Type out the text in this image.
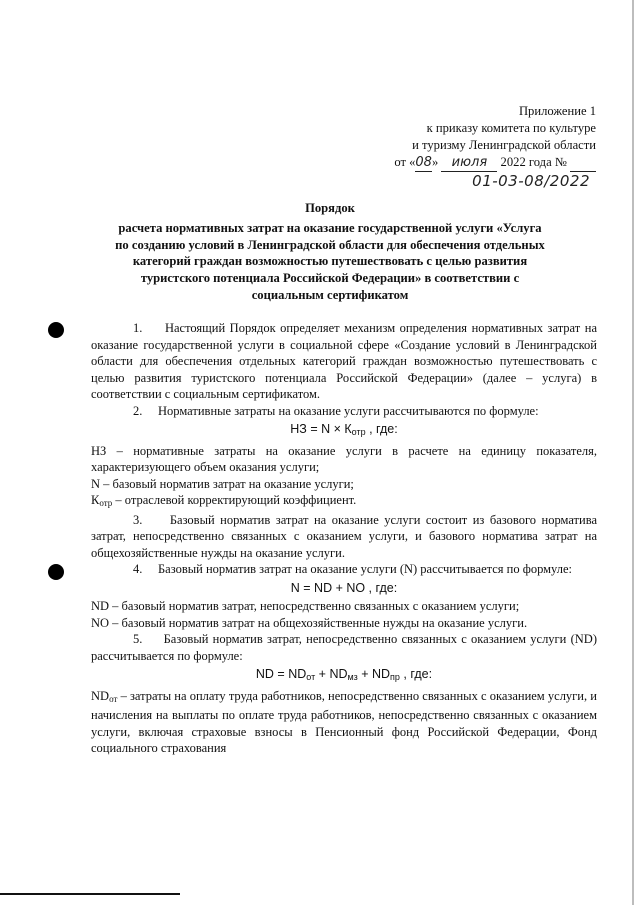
Приложение 1
к приказу комитета по культуре
и туризму Ленинградской области
от «08» июля 2022 года №
01-03-08/2022
Порядок
расчета нормативных затрат на оказание государственной услуги «Услуга
по созданию условий в Ленинградской области для обеспечения отдельных
категорий граждан возможностью путешествовать с целью развития
туристского потенциала Российской Федерации» в соответствии с
социальным сертификатом

1.     Настоящий Порядок определяет механизм определения нормативных затрат на оказание государственной услуги в социальной сфере «Создание условий в Ленинградской области для обеспечения отдельных категорий граждан возможностью путешествовать с целью развития туристского потенциала Российской Федерации» (далее – услуга) в соответствии с социальным сертификатом.

2.     Нормативные затраты на оказание услуги рассчитываются по формуле:

НЗ = $N \times К_{отр}$ , где:

НЗ – нормативные затраты на оказание услуги в расчете на единицу показателя, характеризующего объем оказания услуги;

N – базовый норматив затрат на оказание услуги;

$К_{отр}$ – отраслевой корректирующий коэффициент.

3.     Базовый норматив затрат на оказание услуги состоит из базового норматива затрат, непосредственно связанных с оказанием услуги, и базового норматива затрат на общехозяйственные нужды на оказание услуги.

4.     Базовый норматив затрат на оказание услуги (N) рассчитывается по формуле:

N = ND + NO , где:

ND – базовый норматив затрат, непосредственно связанных с оказанием услуги;

NO – базовый норматив затрат на общехозяйственные нужды на оказание услуги.

5.     Базовый норматив затрат, непосредственно связанных с оказанием услуги (ND) рассчитывается по формуле:

ND = $ND_{от} + ND_{мз} + ND_{пр}$ , где:

$ND_{от}$ – затраты на оплату труда работников, непосредственно связанных с оказанием услуги, и начисления на выплаты по оплате труда работников, непосредственно связанных с оказанием услуги, включая страховые взносы в Пенсионный фонд Российской Федерации, Фонд социального страхования
